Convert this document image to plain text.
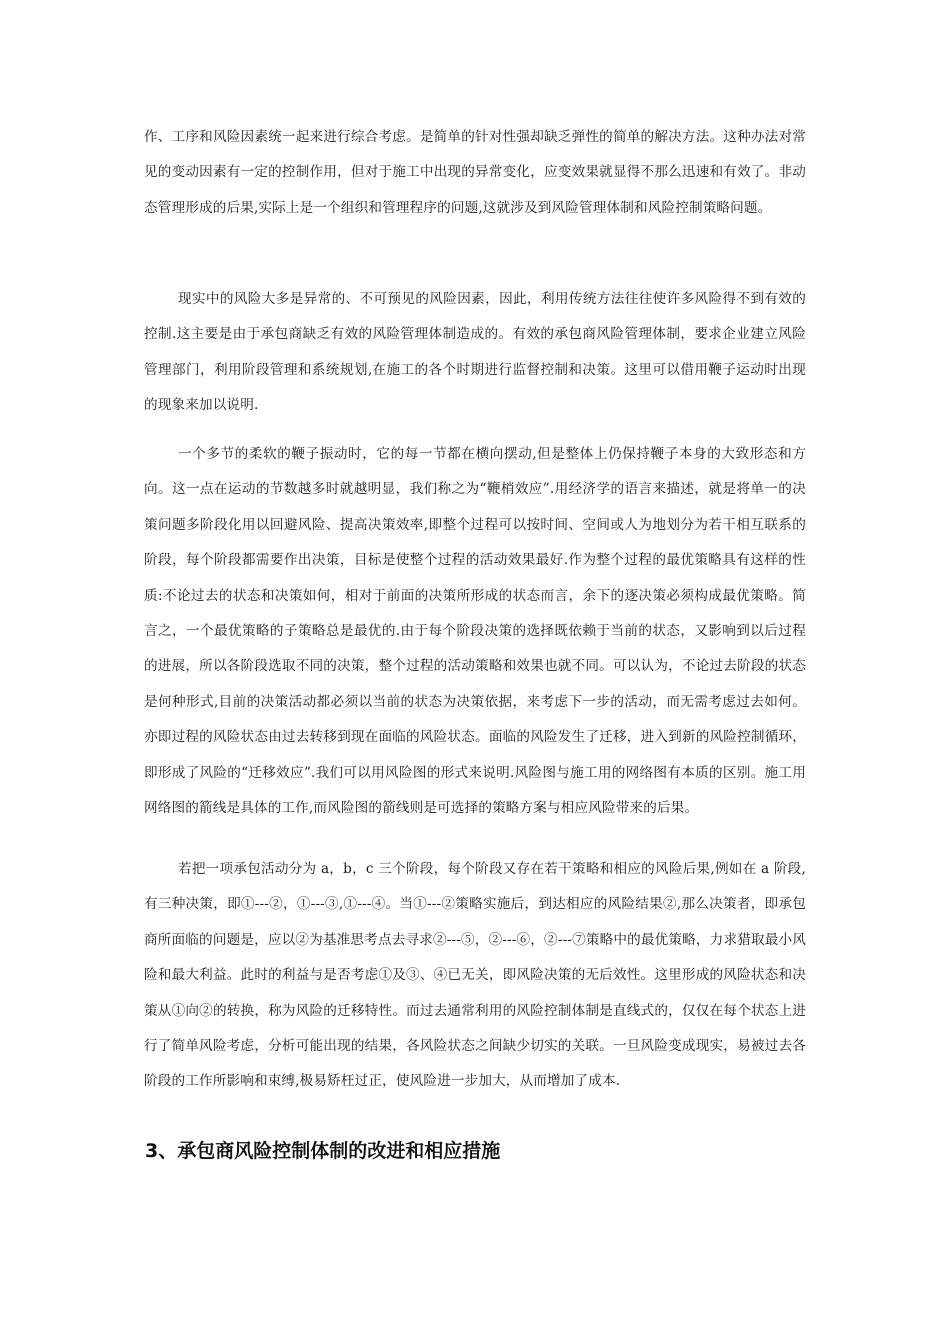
作、工序和风险因素统一起来进行综合考虑。是简单的针对性强却缺乏弹性的简单的解决方法。这种办法对常见的变动因素有一定的控制作用，但对于施工中出现的异常变化，应变效果就显得不那么迅速和有效了。非动态管理形成的后果,实际上是一个组织和管理程序的问题,这就涉及到风险管理体制和风险控制策略问题。

现实中的风险大多是异常的、不可预见的风险因素，因此，利用传统方法往往使许多风险得不到有效的控制.这主要是由于承包商缺乏有效的风险管理体制造成的。有效的承包商风险管理体制，要求企业建立风险管理部门，利用阶段管理和系统规划,在施工的各个时期进行监督控制和决策。这里可以借用鞭子运动时出现的现象来加以说明.

一个多节的柔软的鞭子振动时，它的每一节都在横向摆动,但是整体上仍保持鞭子本身的大致形态和方向。这一点在运动的节数越多时就越明显，我们称之为“鞭梢效应”.用经济学的语言来描述，就是将单一的决策问题多阶段化用以回避风险、提高决策效率,即整个过程可以按时间、空间或人为地划分为若干相互联系的阶段，每个阶段都需要作出决策，目标是使整个过程的活动效果最好.作为整个过程的最优策略具有这样的性质:不论过去的状态和决策如何，相对于前面的决策所形成的状态而言，余下的逐决策必须构成最优策略。简言之，一个最优策略的子策略总是最优的.由于每个阶段决策的选择既依赖于当前的状态，又影响到以后过程的进展，所以各阶段选取不同的决策，整个过程的活动策略和效果也就不同。可以认为，不论过去阶段的状态是何种形式,目前的决策活动都必须以当前的状态为决策依据，来考虑下一步的活动，而无需考虑过去如何。亦即过程的风险状态由过去转移到现在面临的风险状态。面临的风险发生了迁移，进入到新的风险控制循环，即形成了风险的“迁移效应”.我们可以用风险图的形式来说明.风险图与施工用的网络图有本质的区别。施工用网络图的箭线是具体的工作,而风险图的箭线则是可选择的策略方案与相应风险带来的后果。

若把一项承包活动分为 a，b，c 三个阶段，每个阶段又存在若干策略和相应的风险后果,例如在 a 阶段,有三种决策，即①---②，①---③,①---④。当①---②策略实施后，到达相应的风险结果②,那么决策者，即承包商所面临的问题是，应以②为基准思考点去寻求②---⑤，②---⑥，②---⑦策略中的最优策略，力求猎取最小风险和最大利益。此时的利益与是否考虑①及③、④已无关，即风险决策的无后效性。这里形成的风险状态和决策从①向②的转换，称为风险的迁移特性。而过去通常利用的风险控制体制是直线式的，仅仅在每个状态上进行了简单风险考虑，分析可能出现的结果，各风险状态之间缺少切实的关联。一旦风险变成现实，易被过去各阶段的工作所影响和束缚,极易矫枉过正，使风险进一步加大，从而增加了成本.

3、承包商风险控制体制的改进和相应措施
